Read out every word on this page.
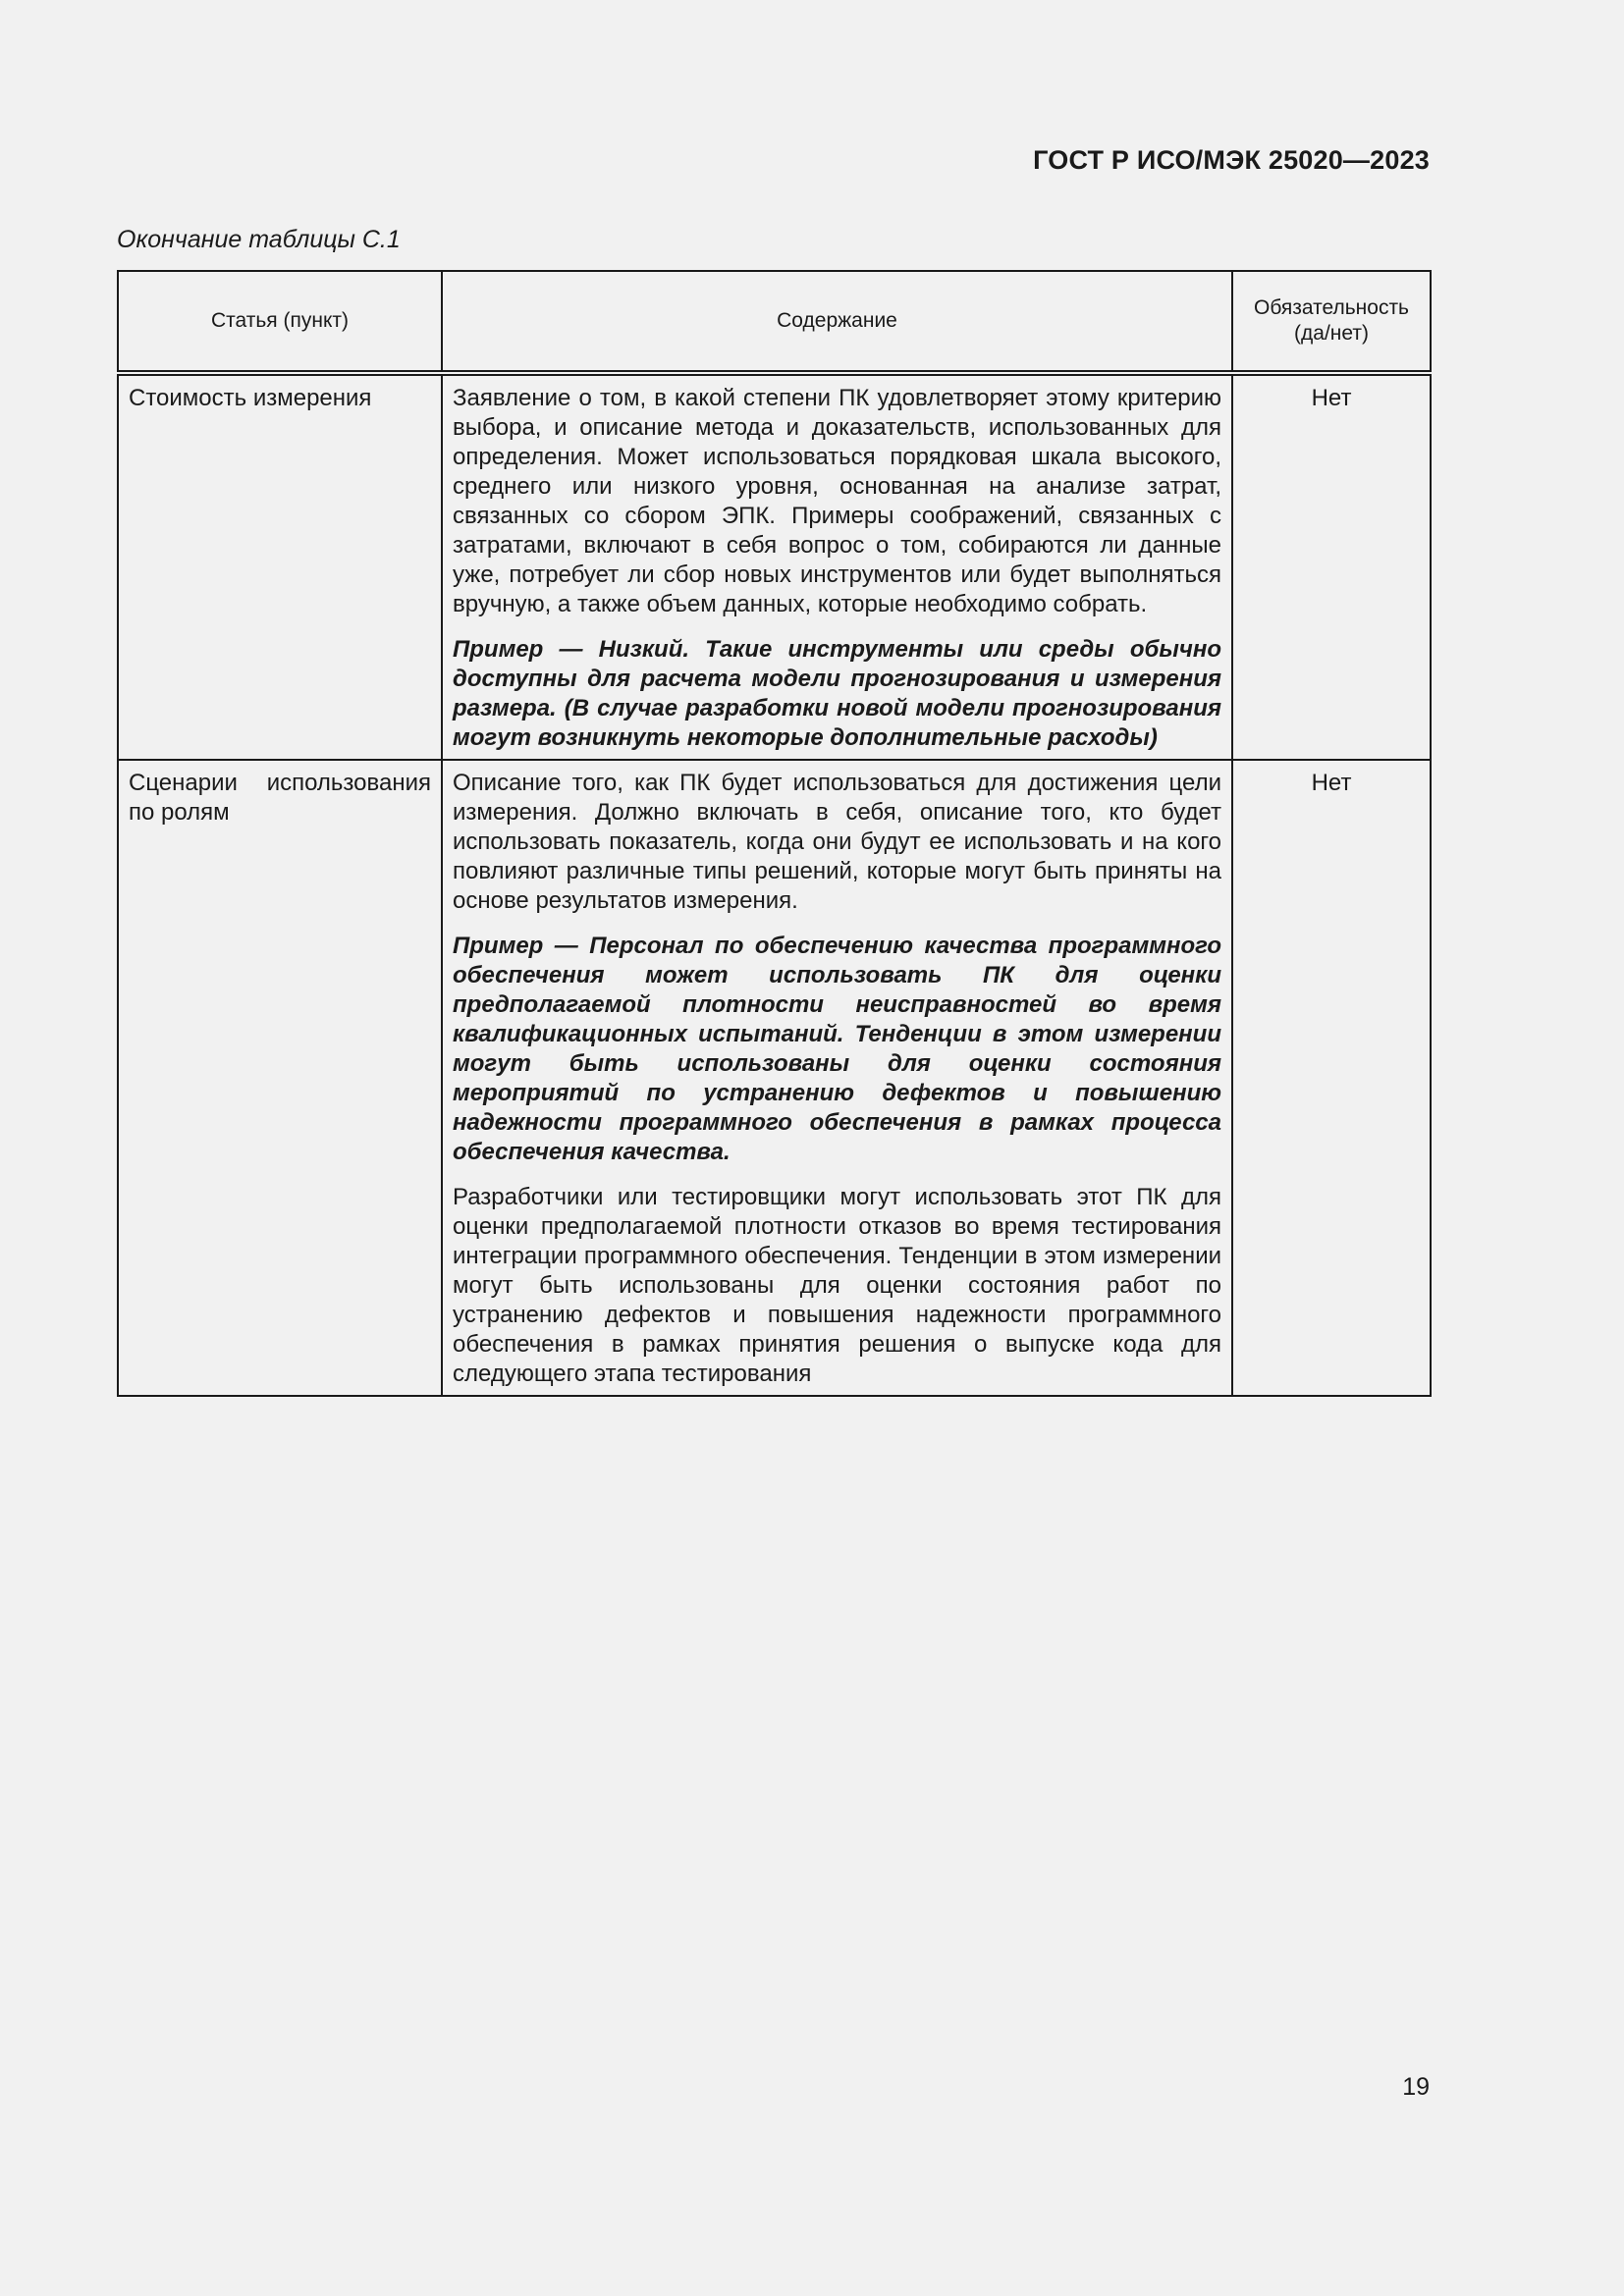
ГОСТ Р ИСО/МЭК 25020—2023
Окончание таблицы С.1
Статья (пункт)	Содержание	Обязательность (да/нет)
Стоимость измерения	Заявление о том, в какой степени ПК удовлетворяет этому критерию выбора, и описание метода и доказательств, использованных для определения. Может использоваться порядковая шкала высокого, среднего или низкого уровня, основанная на анализе затрат, связанных со сбором ЭПК. Примеры соображений, связанных с затратами, включают в себя вопрос о том, собираются ли данные уже, потребует ли сбор новых инструментов или будет выполняться вручную, а также объем данных, которые необходимо собрать.

Пример — Низкий. Такие инструменты или среды обычно доступны для расчета модели прогнозирования и измерения размера. (В случае разработки новой модели прогнозирования могут возникнуть некоторые дополнительные расходы)	Нет
Сценарии использования по ролям	Описание того, как ПК будет использоваться для достижения цели измерения. Должно включать в себя, описание того, кто будет использовать показатель, когда они будут ее использовать и на кого повлияют различные типы решений, которые могут быть приняты на основе результатов измерения.

Пример — Персонал по обеспечению качества программного обеспечения может использовать ПК для оценки предполагаемой плотности неисправностей во время квалификационных испытаний. Тенденции в этом измерении могут быть использованы для оценки состояния мероприятий по устранению дефектов и повышению надежности программного обеспечения в рамках процесса обеспечения качества.

Разработчики или тестировщики могут использовать этот ПК для оценки предполагаемой плотности отказов во время тестирования интеграции программного обеспечения. Тенденции в этом измерении могут быть использованы для оценки состояния работ по устранению дефектов и повышения надежности программного обеспечения в рамках принятия решения о выпуске кода для следующего этапа тестирования	Нет
19
